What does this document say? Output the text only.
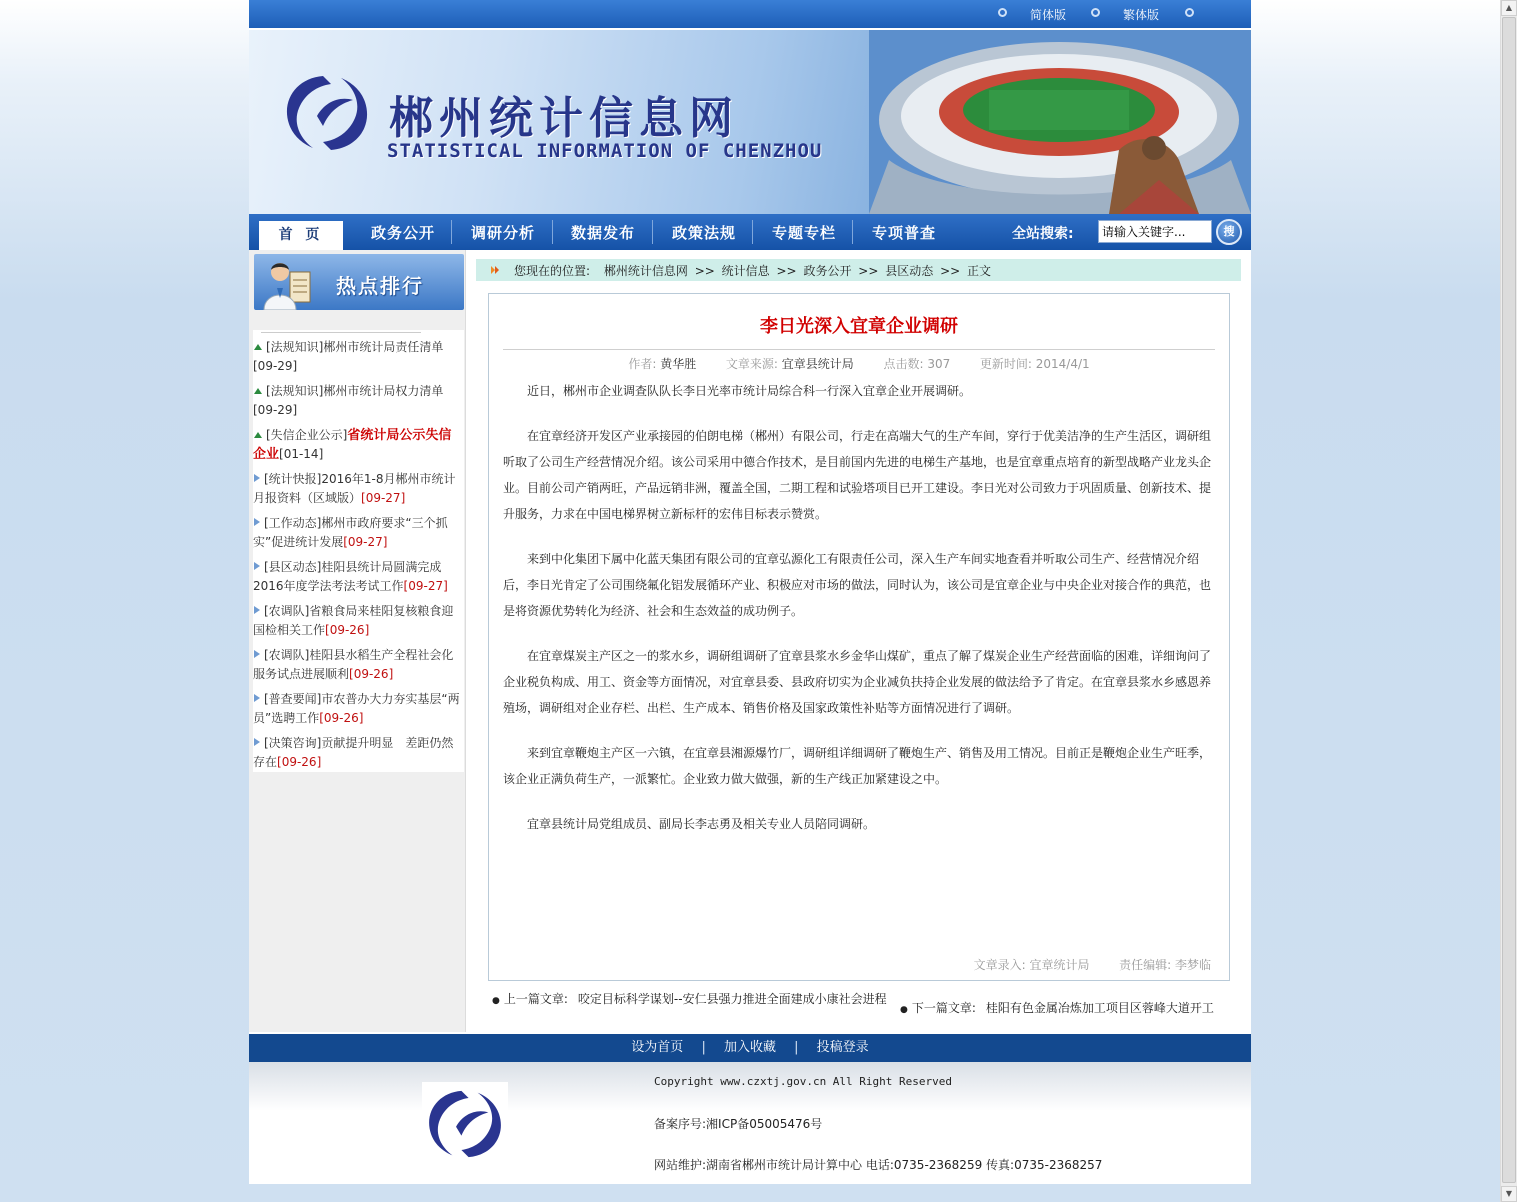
简体版	繁体版
郴州统计信息网
STATISTICAL INFORMATION OF CHENZHOU
首 页	政务公开 调研分析 数据发布 政策法规 专题专栏 专项普查	全站搜索:
请输入关键字...	搜
热点排行
[法规知识]郴州市统计局责任清单[09-29]
[法规知识]郴州市统计局权力清单[09-29]
[失信企业公示]省统计局公示失信企业[01-14]
[统计快报]2016年1-8月郴州市统计月报资料（区域版）[09-27]
[工作动态]郴州市政府要求“三个抓实”促进统计发展[09-27]
[县区动态]桂阳县统计局圆满完成2016年度学法考法考试工作[09-27]
[农调队]省粮食局来桂阳复核粮食迎国检相关工作[09-26]
[农调队]桂阳县水稻生产全程社会化服务试点进展顺利[09-26]
[普查要闻]市农普办大力夯实基层“两员”选聘工作[09-26]
[决策咨询]贡献提升明显　差距仍然存在[09-26]
您现在的位置: 郴州统计信息网 >> 统计信息 >> 政务公开 >> 县区动态 >> 正文
李日光深入宜章企业调研
作者: 黄华胜 文章来源: 宜章县统计局 点击数: 307 更新时间: 2014/4/1

近日，郴州市企业调查队队长李日光率市统计局综合科一行深入宜章企业开展调研。

在宜章经济开发区产业承接园的伯朗电梯（郴州）有限公司，行走在高端大气的生产车间，穿行于优美洁净的生产生活区，调研组听取了公司生产经营情况介绍。该公司采用中德合作技术，是目前国内先进的电梯生产基地，也是宜章重点培育的新型战略产业龙头企业。目前公司产销两旺，产品远销非洲，覆盖全国，二期工程和试验塔项目已开工建设。李日光对公司致力于巩固质量、创新技术、提升服务，力求在中国电梯界树立新标杆的宏伟目标表示赞赏。

来到中化集团下属中化蓝天集团有限公司的宜章弘源化工有限责任公司，深入生产车间实地查看并听取公司生产、经营情况介绍后，李日光肯定了公司围绕氟化铝发展循环产业、积极应对市场的做法，同时认为，该公司是宜章企业与中央企业对接合作的典范，也是将资源优势转化为经济、社会和生态效益的成功例子。

在宜章煤炭主产区之一的浆水乡，调研组调研了宜章县浆水乡金华山煤矿，重点了解了煤炭企业生产经营面临的困难，详细询问了企业税负构成、用工、资金等方面情况，对宜章县委、县政府切实为企业减负扶持企业发展的做法给予了肯定。在宜章县浆水乡感恩养殖场，调研组对企业存栏、出栏、生产成本、销售价格及国家政策性补贴等方面情况进行了调研。

来到宜章鞭炮主产区一六镇，在宜章县湘源爆竹厂，调研组详细调研了鞭炮生产、销售及用工情况。目前正是鞭炮企业生产旺季，该企业正满负荷生产，一派繁忙。企业致力做大做强，新的生产线正加紧建设之中。

宜章县统计局党组成员、副局长李志勇及相关专业人员陪同调研。

文章录入: 宜章统计局 责任编辑: 李梦临
● 上一篇文章: 咬定目标科学谋划--安仁县强力推进全面建成小康社会进程
● 下一篇文章: 桂阳有色金属冶炼加工项目区蓉峰大道开工
设为首页 | 加入收藏 | 投稿登录
Copyright www.czxtj.gov.cn All Right Reserved
备案序号:湘ICP备05005476号
网站维护:湖南省郴州市统计局计算中心 电话:0735-2368259 传真:0735-2368257
▲
▼
